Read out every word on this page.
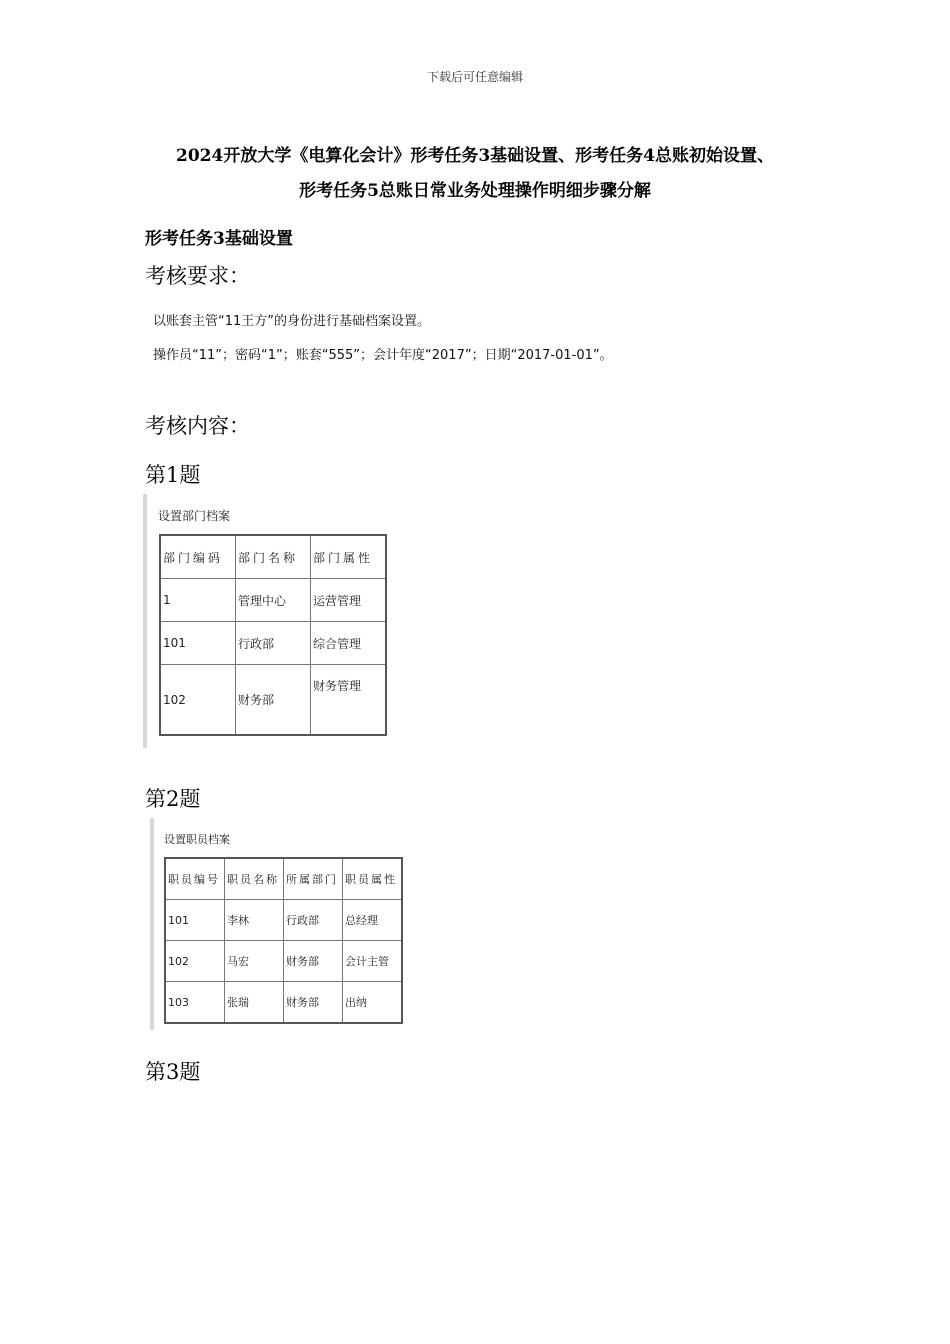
下载后可任意编辑
2024开放大学《电算化会计》形考任务3基础设置、形考任务4总账初始设置、
形考任务5总账日常业务处理操作明细步骤分解
形考任务3基础设置
考核要求：
以账套主管“11王方”的身份进行基础档案设置。
操作员“11”；密码“1”；账套“555”；会计年度“2017”；日期“2017-01-01”。
考核内容：
第1题
设置部门档案
部门编码	部门名称	部门属性
1	管理中心	运营管理
101	行政部	综合管理
102	财务部	财务管理
第2题
设置职员档案
职员编号	职员名称	所属部门	职员属性
101	李林	行政部	总经理
102	马宏	财务部	会计主管
103	张瑞	财务部	出纳
第3题
